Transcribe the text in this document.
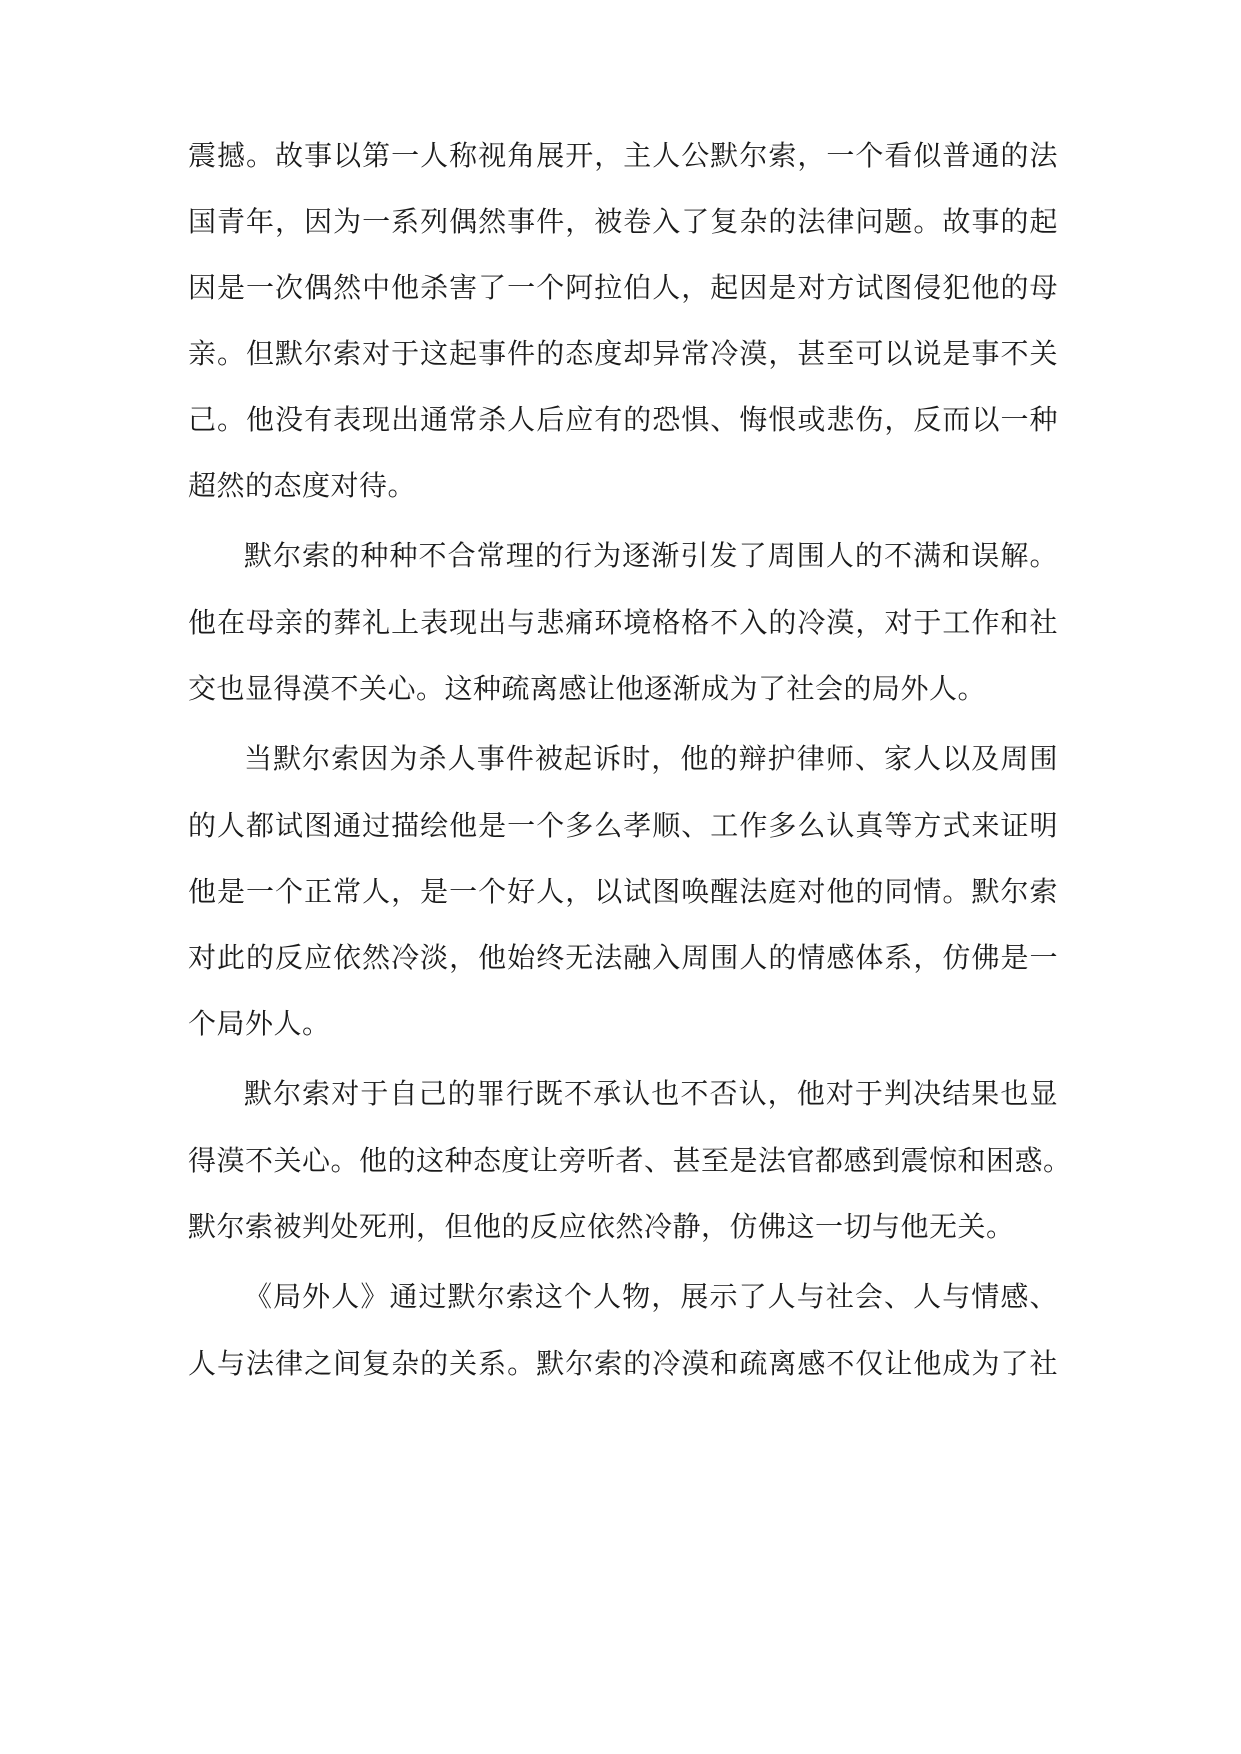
震撼。故事以第一人称视角展开，主人公默尔索，一个看似普通的法
国青年，因为一系列偶然事件，被卷入了复杂的法律问题。故事的起
因是一次偶然中他杀害了一个阿拉伯人，起因是对方试图侵犯他的母
亲。但默尔索对于这起事件的态度却异常冷漠，甚至可以说是事不关
己。他没有表现出通常杀人后应有的恐惧、悔恨或悲伤，反而以一种
超然的态度对待。
默尔索的种种不合常理的行为逐渐引发了周围人的不满和误解。
他在母亲的葬礼上表现出与悲痛环境格格不入的冷漠，对于工作和社
交也显得漠不关心。这种疏离感让他逐渐成为了社会的局外人。
当默尔索因为杀人事件被起诉时，他的辩护律师、家人以及周围
的人都试图通过描绘他是一个多么孝顺、工作多么认真等方式来证明
他是一个正常人，是一个好人，以试图唤醒法庭对他的同情。默尔索
对此的反应依然冷淡，他始终无法融入周围人的情感体系，仿佛是一
个局外人。
默尔索对于自己的罪行既不承认也不否认，他对于判决结果也显
得漠不关心。他的这种态度让旁听者、甚至是法官都感到震惊和困惑。
默尔索被判处死刑，但他的反应依然冷静，仿佛这一切与他无关。
《局外人》通过默尔索这个人物，展示了人与社会、人与情感、
人与法律之间复杂的关系。默尔索的冷漠和疏离感不仅让他成为了社
